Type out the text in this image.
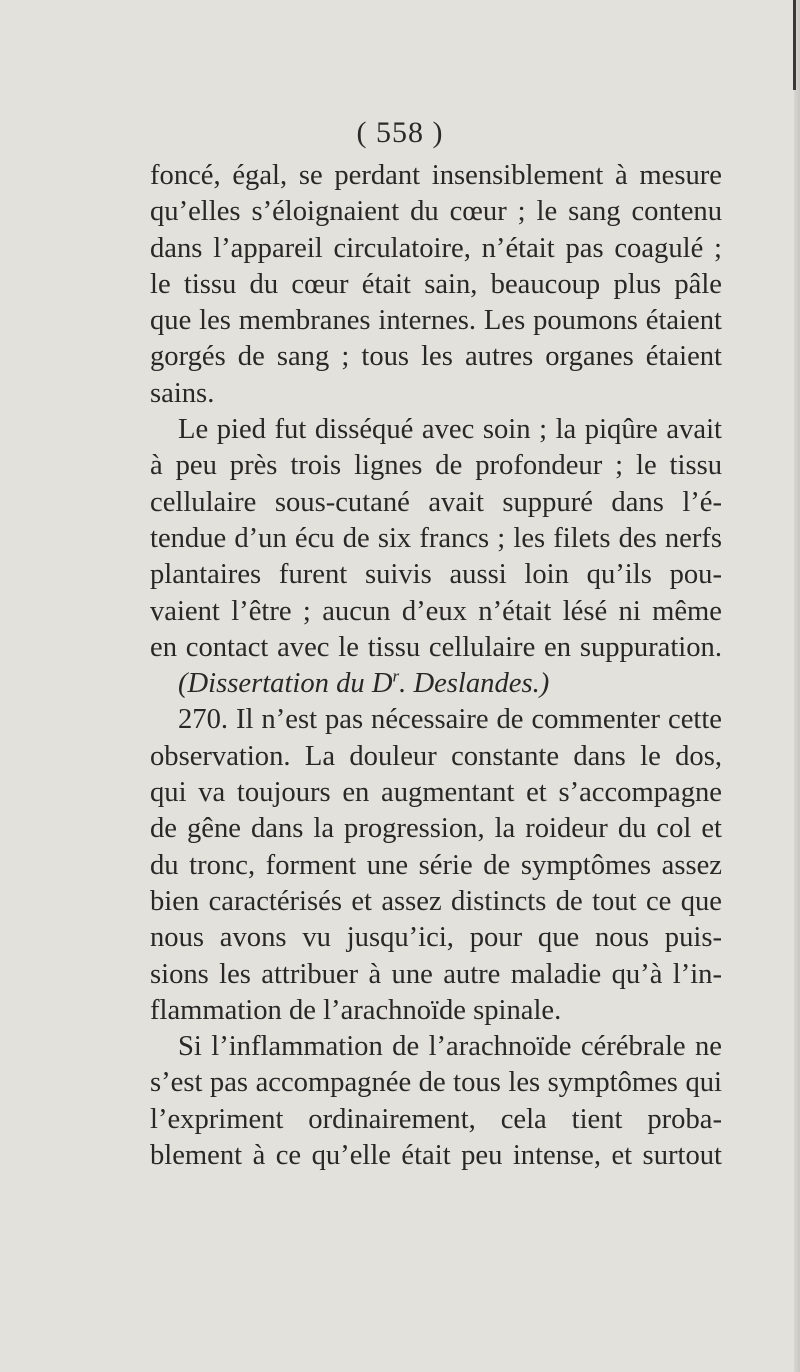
( 558 )
foncé, égal, se perdant insensiblement à mesure
qu’elles s’éloignaient du cœur ; le sang contenu
dans l’appareil circulatoire, n’était pas coagulé ;
le tissu du cœur était sain, beaucoup plus pâle
que les membranes internes. Les poumons étaient
gorgés de sang ; tous les autres organes étaient
sains.
Le pied fut disséqué avec soin ; la piqûre avait
à peu près trois lignes de profondeur ; le tissu
cellulaire sous-cutané avait suppuré dans l’é-
tendue d’un écu de six francs ; les filets des nerfs
plantaires furent suivis aussi loin qu’ils pou-
vaient l’être ; aucun d’eux n’était lésé ni même
en contact avec le tissu cellulaire en suppuration.
(Dissertation du $D^r$. Deslandes.)
270. Il n’est pas nécessaire de commenter cette
observation. La douleur constante dans le dos,
qui va toujours en augmentant et s’accompagne
de gêne dans la progression, la roideur du col et
du tronc, forment une série de symptômes assez
bien caractérisés et assez distincts de tout ce que
nous avons vu jusqu’ici, pour que nous puis-
sions les attribuer à une autre maladie qu’à l’in-
flammation de l’arachnoïde spinale.
Si l’inflammation de l’arachnoïde cérébrale ne
s’est pas accompagnée de tous les symptômes qui
l’expriment ordinairement, cela tient proba-
blement à ce qu’elle était peu intense, et surtout
